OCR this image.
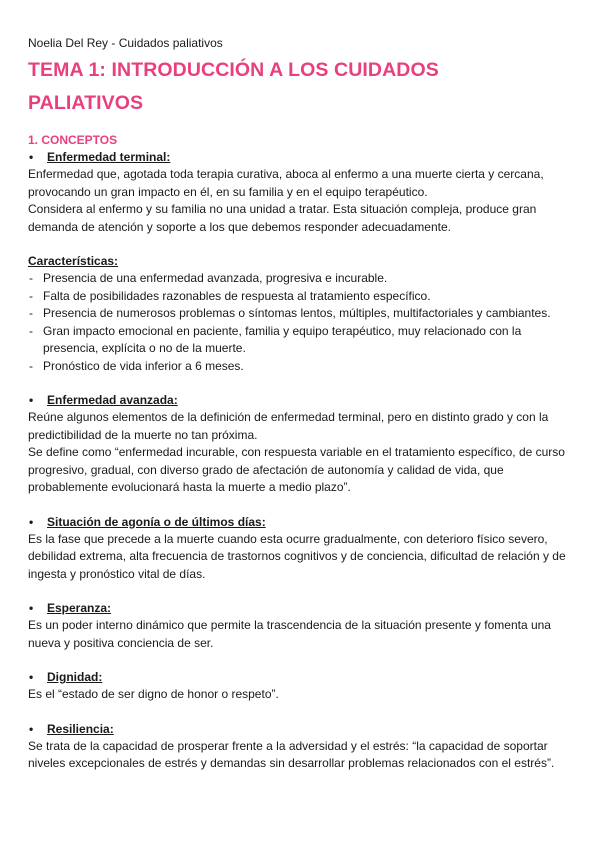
Noelia Del Rey - Cuidados paliativos

TEMA 1: INTRODUCCIÓN A LOS CUIDADOS
PALIATIVOS

1. CONCEPTOS

• Enfermedad terminal:

Enfermedad que, agotada toda terapia curativa, aboca al enfermo a una muerte cierta y cercana, provocando un gran impacto en él, en su familia y en el equipo terapéutico.

Considera al enfermo y su familia no una unidad a tratar. Esta situación compleja, produce gran demanda de atención y soporte a los que debemos responder adecuadamente.

Características:

- Presencia de una enfermedad avanzada, progresiva e incurable.
- Falta de posibilidades razonables de respuesta al tratamiento específico.
- Presencia de numerosos problemas o síntomas lentos, múltiples, multifactoriales y cambiantes.
- Gran impacto emocional en paciente, familia y equipo terapéutico, muy relacionado con la presencia, explícita o no de la muerte.
- Pronóstico de vida inferior a 6 meses.

• Enfermedad avanzada:

Reúne algunos elementos de la definición de enfermedad terminal, pero en distinto grado y con la predictibilidad de la muerte no tan próxima.

Se define como “enfermedad incurable, con respuesta variable en el tratamiento específico, de curso progresivo, gradual, con diverso grado de afectación de autonomía y calidad de vida, que probablemente evolucionará hasta la muerte a medio plazo”.

• Situación de agonía o de últimos días:

Es la fase que precede a la muerte cuando esta ocurre gradualmente, con deterioro físico severo, debilidad extrema, alta frecuencia de trastornos cognitivos y de conciencia, dificultad de relación y de ingesta y pronóstico vital de días.

• Esperanza:

Es un poder interno dinámico que permite la trascendencia de la situación presente y fomenta una nueva y positiva conciencia de ser.

• Dignidad:

Es el “estado de ser digno de honor o respeto”.

• Resiliencia:

Se trata de la capacidad de prosperar frente a la adversidad y el estrés: “la capacidad de soportar niveles excepcionales de estrés y demandas sin desarrollar problemas relacionados con el estrés”.
